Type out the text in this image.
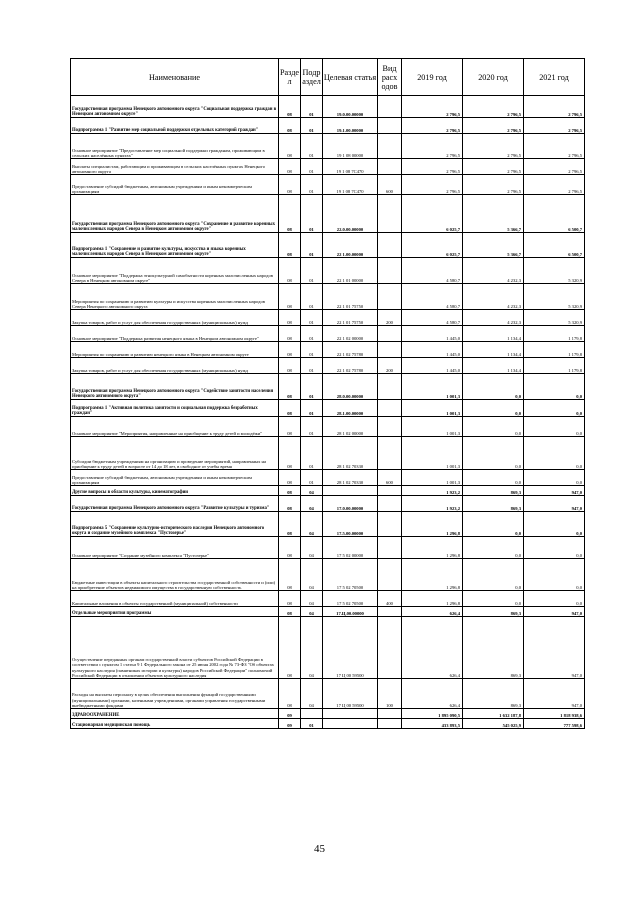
Наименование	Разде л	Подр аздел	Целевая статья	Вид расх одов	2019 год	2020 год	2021 год
Государственная программа Ненецкого автономного округа "Социальная поддержка граждан в Ненецком автономном округе"	08	01	19.0.00.00000		2 796,5	2 796,5	2 796,5
Подпрограмма 1 "Развитие мер социальной поддержки отдельных категорий граждан"	08	01	19.1.00.00000		2 796,5	2 796,5	2 796,5
Основное мероприятие "Предоставление мер социальной поддержки гражданам, проживающим в сельских населённых пунктах"	08	01	19 1 08 00000		2 796,5	2 796,5	2 796,5
Выплаты специалистам, работающим и проживающим в сельских населённых пунктах Ненецкого автономного округа	08	01	19 1 08 7С470		2 796,5	2 796,5	2 796,5
Предоставление субсидий бюджетным, автономным учреждениям и иным некоммерческим организациям	08	01	19 1 08 7С470	600	2 796,5	2 796,5	2 796,5
Государственная программа Ненецкого автономного округа "Сохранение и развитие коренных малочисленных народов Севера в Ненецком автономном округе"	08	01	22.0.00.00000		6 025,7	5 366,7	6 500,7
Подпрограмма 1 "Сохранение и развитие культуры, искусства и языка коренных малочисленных народов Севера в Ненецком автономном округе"	08	01	22 1.00.00000		6 025,7	5 366,7	6 500,7
Основное мероприятие "Поддержка этнокультурной самобытности коренных малочисленных народов Севера в Ненецком автономном округе"	08	01	22 1 01 00000		4 580,7	4 232,3	5 320,9
Мероприятия по сохранению и развитию культуры и искусства коренных малочисленных народов Севера Ненецкого автономного округа	08	01	22 1 01 75750		4 580,7	4 232,3	5 320,9
Закупка товаров, работ и услуг для обеспечения государственных (муниципальных) нужд	08	01	22 1 01 75750	200	4 580,7	4 232,3	5 320,9
Основное мероприятие "Поддержка развития ненецкого языка в Ненецком автономном округе"	08	01	22 1 02 00000		1 445,0	1 134,4	1 179,8
Мероприятия по сохранению и развитию ненецкого языка в Ненецком автономном округе	08	01	22 1 02 75780		1 445,0	1 134,4	1 179,8
Закупка товаров, работ и услуг для обеспечения государственных (муниципальных) нужд	08	01	22 1 02 75780	200	1 445,0	1 134,4	1 179,8
Государственная программа Ненецкого автономного округа "Содействие занятости населения Ненецкого автономного округа"	08	01	28.0.00.00000		1 001,3	0,0	0,0
Подпрограмма 1 "Активная политика занятости и социальная поддержка безработных граждан"	08	01	28.1.00.00000		1 001,3	0,0	0,0
Основное мероприятие "Мероприятия, направленные на приобщение к труду детей и молодёжи"	08	01	28 1 02 00000		1 001,3	0,0	0,0
Субсидии бюджетным учреждениям на организацию и проведение мероприятий, направленных на приобщение к труду детей в возрасте от 14 до 18 лет, в свободное от учебы время	08	01	28 1 02 70330		1 001,3	0,0	0,0
Предоставление субсидий бюджетным, автономным учреждениям и иным некоммерческим организациям	08	01	28 1 02 70330	600	1 001,3	0,0	0,0
Другие вопросы в области культуры, кинематографии	08	04			1 923,2	869,3	947,0
Государственная программа Ненецкого автономного округа "Развитие культуры и туризма"	08	04	17.0.00.00000		1 923,2	869,3	947,0
Подпрограмма 5 "Сохранение культурно-исторического наследия Ненецкого автономного округа и создание музейного комплекса "Пустозерье"	08	04	17.5.00.00000		1 296,8	0,0	0,0
Основное мероприятие "Создание музейного комплекса "Пустозерье"	08	04	17 5 02 00000		1 296,8	0,0	0,0
Бюджетные инвестиции в объекты капитального строительства государственной собственности и (или) на приобретение объектов недвижимого имущества в государственную собственность	08	04	17 5 02 70500		1 296,8	0,0	0,0
Капитальные вложения в объекты государственной (муниципальной) собственности	08	04	17 5 02 70500	400	1 296,8	0,0	0,0
Отдельные мероприятия программы	08	04	17.Ц.00.00000		626,4	869,3	947,0
Осуществление переданных органам государственной власти субъектов Российской Федерации в соответствии с пунктом 1 статьи 9 1 Федерального закона от 25 июня 2002 года № 73-ФЗ "Об объектах культурного наследия (памятниках истории и культуры) народов Российской Федерации" полномочий Российской Федерации в отношении объектов культурного наследия	08	04	17 Ц 00 59500		626,4	869,3	947,0
Расходы на выплаты персоналу в целях обеспечения выполнения функций государственными (муниципальными) органами, казенными учреждениями, органами управления государственными внебюджетными фондами	08	04	17 Ц 00 59500	100	626,4	869,3	947,0
ЗДРАВООХРАНЕНИЕ	09				1 895 090,5	1 632 187,8	1 818 938,6
Стационарная медицинская помощь	09	01			433 893,5	545 025,9	777 598,6
45
